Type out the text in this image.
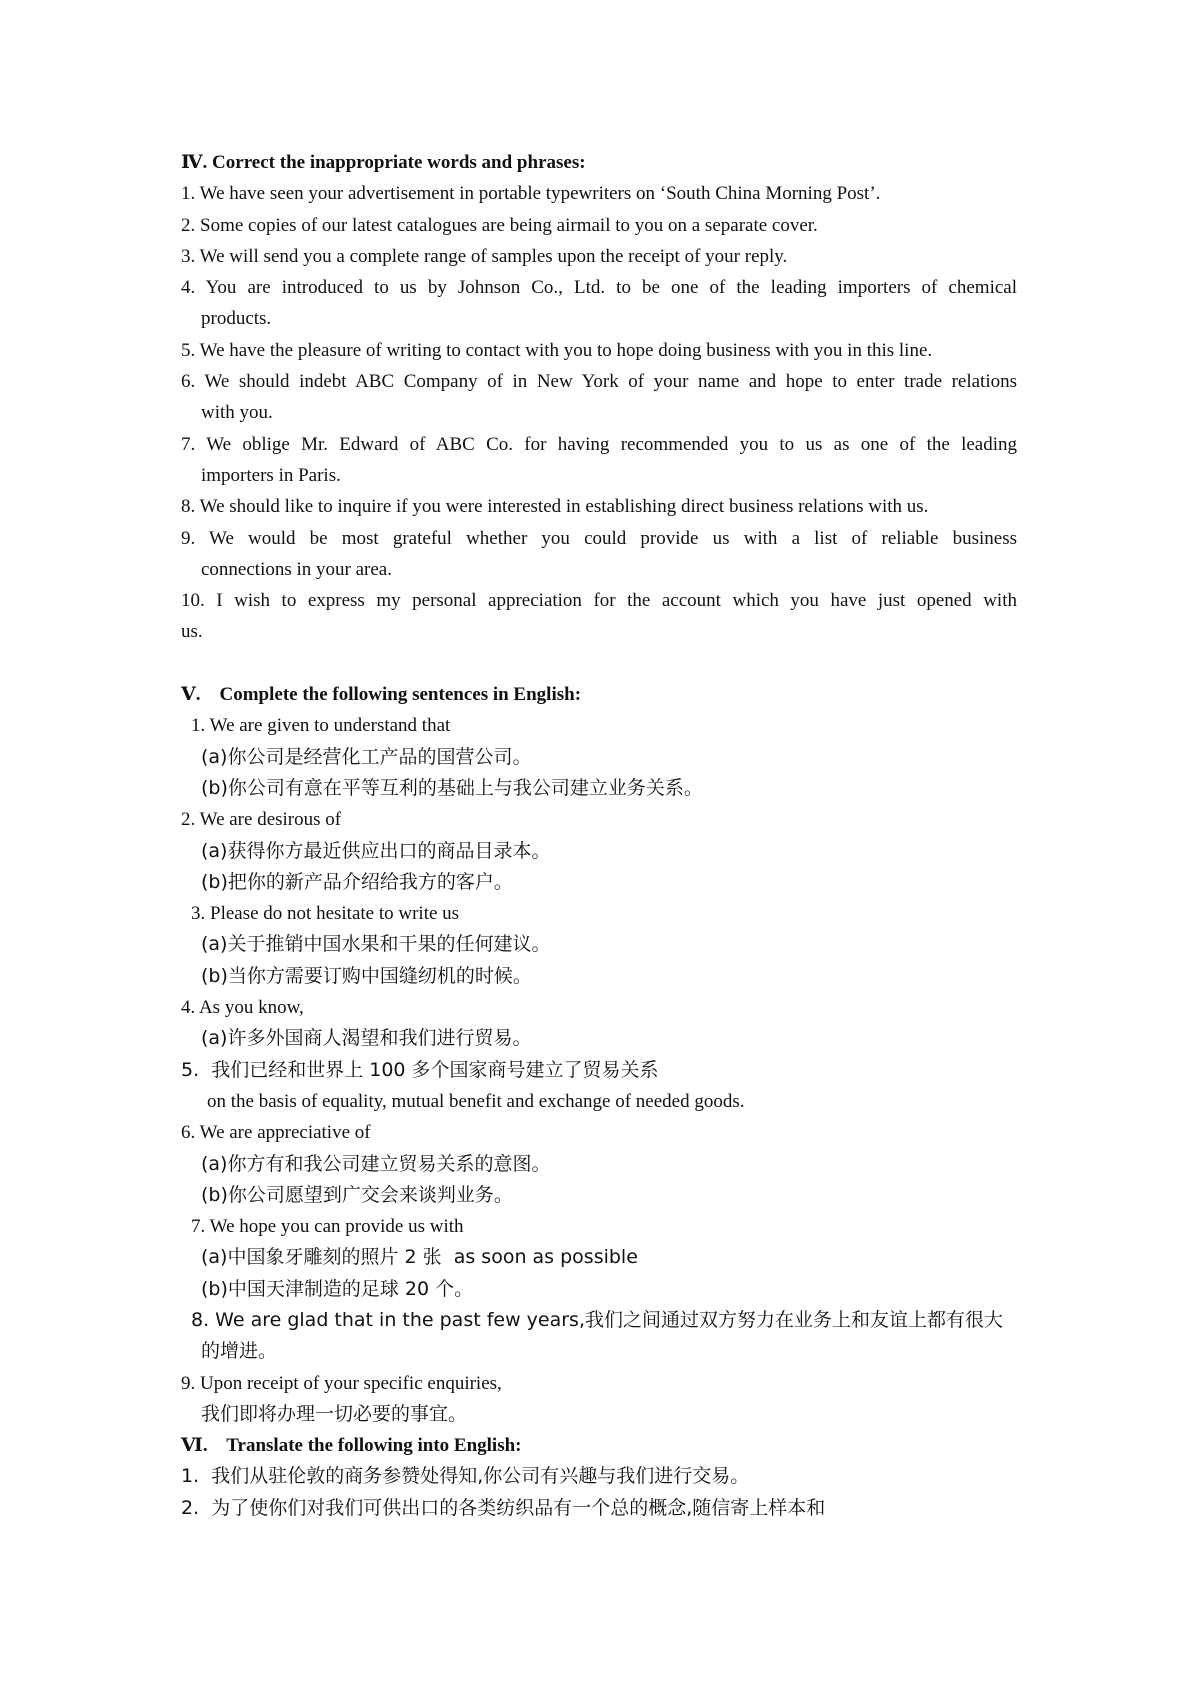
Ⅳ. Correct the inappropriate words and phrases:
1. We have seen your advertisement in portable typewriters on ‘South China Morning Post’.
2. Some copies of our latest catalogues are being airmail to you on a separate cover.
3. We will send you a complete range of samples upon the receipt of your reply.
4. You are introduced to us by Johnson Co., Ltd. to be one of the leading importers of chemical
products.
5. We have the pleasure of writing to contact with you to hope doing business with you in this line.
6. We should indebt ABC Company of in New York of your name and hope to enter trade relations
with you.
7. We oblige Mr. Edward of ABC Co. for having recommended you to us as one of the leading
importers in Paris.
8. We should like to inquire if you were interested in establishing direct business relations with us.
9. We would be most grateful whether you could provide us with a list of reliable business
connections in your area.
10. I wish to express my personal appreciation for the account which you have just opened with
us.
Ⅴ.    Complete the following sentences in English:
1. We are given to understand that
(a)你公司是经营化工产品的国营公司。
(b)你公司有意在平等互利的基础上与我公司建立业务关系。
2. We are desirous of
(a)获得你方最近供应出口的商品目录本。
(b)把你的新产品介绍给我方的客户。
3. Please do not hesitate to write us
(a)关于推销中国水果和干果的任何建议。
(b)当你方需要订购中国缝纫机的时候。
4. As you know,
(a)许多外国商人渴望和我们进行贸易。
5.  我们已经和世界上 100 多个国家商号建立了贸易关系
on the basis of equality, mutual benefit and exchange of needed goods.
6. We are appreciative of
(a)你方有和我公司建立贸易关系的意图。
(b)你公司愿望到广交会来谈判业务。
7. We hope you can provide us with
(a)中国象牙雕刻的照片 2 张  as soon as possible
(b)中国天津制造的足球 20 个。
8. We are glad that in the past few years,我们之间通过双方努力在业务上和友谊上都有很大
的增进。
9. Upon receipt of your specific enquiries,
我们即将办理一切必要的事宜。
Ⅵ.    Translate the following into English:
1.  我们从驻伦敦的商务参赞处得知,你公司有兴趣与我们进行交易。
2.  为了使你们对我们可供出口的各类纺织品有一个总的概念,随信寄上样本和
